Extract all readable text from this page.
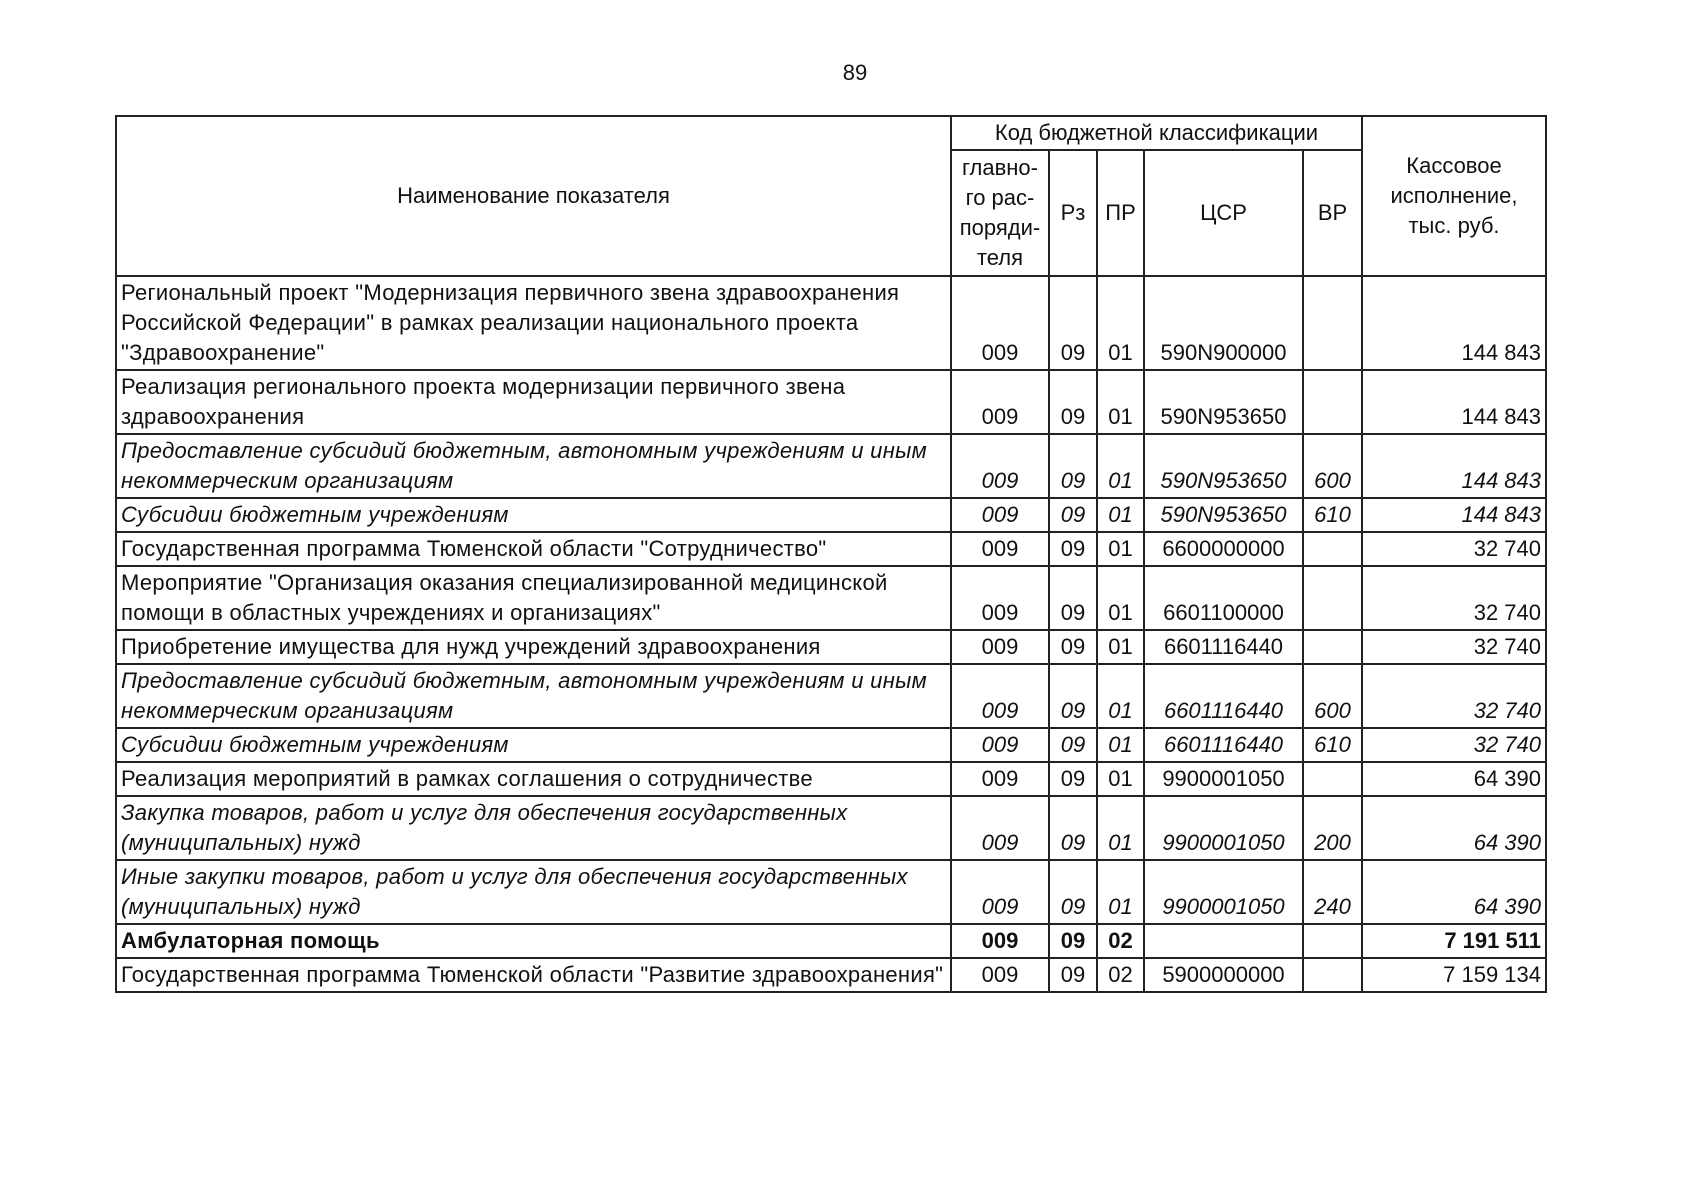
89
Наименование показателя	Код бюджетной классификации					Кассовое исполнение, тыс. руб.
	главно-го рас-поряди-теля	Рз	ПР	ЦСР	ВР	
Региональный проект "Модернизация первичного звена здравоохранения Российской Федерации" в рамках реализации национального проекта "Здравоохранение"	009	09	01	590N900000		144 843
Реализация регионального проекта модернизации первичного звена здравоохранения	009	09	01	590N953650		144 843
Предоставление субсидий бюджетным, автономным учреждениям и иным некоммерческим организациям	009	09	01	590N953650	600	144 843
Субсидии бюджетным учреждениям	009	09	01	590N953650	610	144 843
Государственная программа Тюменской области "Сотрудничество"	009	09	01	6600000000		32 740
Мероприятие "Организация оказания специализированной медицинской помощи в областных учреждениях и организациях"	009	09	01	6601100000		32 740
Приобретение имущества для нужд учреждений здравоохранения	009	09	01	6601116440		32 740
Предоставление субсидий бюджетным, автономным учреждениям и иным некоммерческим организациям	009	09	01	6601116440	600	32 740
Субсидии бюджетным учреждениям	009	09	01	6601116440	610	32 740
Реализация мероприятий в рамках соглашения о сотрудничестве	009	09	01	9900001050		64 390
Закупка товаров, работ и услуг для обеспечения государственных (муниципальных) нужд	009	09	01	9900001050	200	64 390
Иные закупки товаров, работ и услуг для обеспечения государственных (муниципальных) нужд	009	09	01	9900001050	240	64 390
Амбулаторная помощь	009	09	02			7 191 511
Государственная программа Тюменской области "Развитие здравоохранения"	009	09	02	5900000000		7 159 134
